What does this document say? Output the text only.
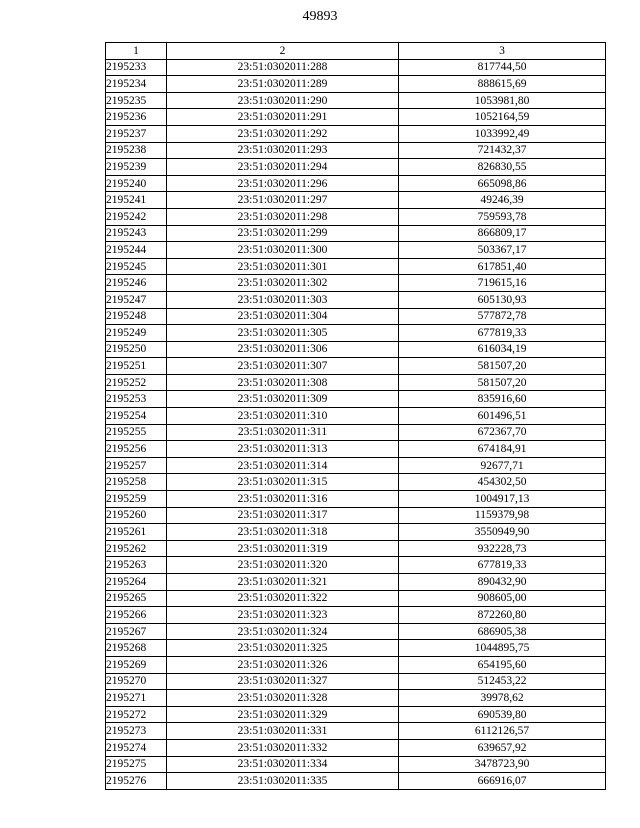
49893
1	2	3
2195233	23:51:0302011:288	817744,50
2195234	23:51:0302011:289	888615,69
2195235	23:51:0302011:290	1053981,80
2195236	23:51:0302011:291	1052164,59
2195237	23:51:0302011:292	1033992,49
2195238	23:51:0302011:293	721432,37
2195239	23:51:0302011:294	826830,55
2195240	23:51:0302011:296	665098,86
2195241	23:51:0302011:297	49246,39
2195242	23:51:0302011:298	759593,78
2195243	23:51:0302011:299	866809,17
2195244	23:51:0302011:300	503367,17
2195245	23:51:0302011:301	617851,40
2195246	23:51:0302011:302	719615,16
2195247	23:51:0302011:303	605130,93
2195248	23:51:0302011:304	577872,78
2195249	23:51:0302011:305	677819,33
2195250	23:51:0302011:306	616034,19
2195251	23:51:0302011:307	581507,20
2195252	23:51:0302011:308	581507,20
2195253	23:51:0302011:309	835916,60
2195254	23:51:0302011:310	601496,51
2195255	23:51:0302011:311	672367,70
2195256	23:51:0302011:313	674184,91
2195257	23:51:0302011:314	92677,71
2195258	23:51:0302011:315	454302,50
2195259	23:51:0302011:316	1004917,13
2195260	23:51:0302011:317	1159379,98
2195261	23:51:0302011:318	3550949,90
2195262	23:51:0302011:319	932228,73
2195263	23:51:0302011:320	677819,33
2195264	23:51:0302011:321	890432,90
2195265	23:51:0302011:322	908605,00
2195266	23:51:0302011:323	872260,80
2195267	23:51:0302011:324	686905,38
2195268	23:51:0302011:325	1044895,75
2195269	23:51:0302011:326	654195,60
2195270	23:51:0302011:327	512453,22
2195271	23:51:0302011:328	39978,62
2195272	23:51:0302011:329	690539,80
2195273	23:51:0302011:331	6112126,57
2195274	23:51:0302011:332	639657,92
2195275	23:51:0302011:334	3478723,90
2195276	23:51:0302011:335	666916,07
